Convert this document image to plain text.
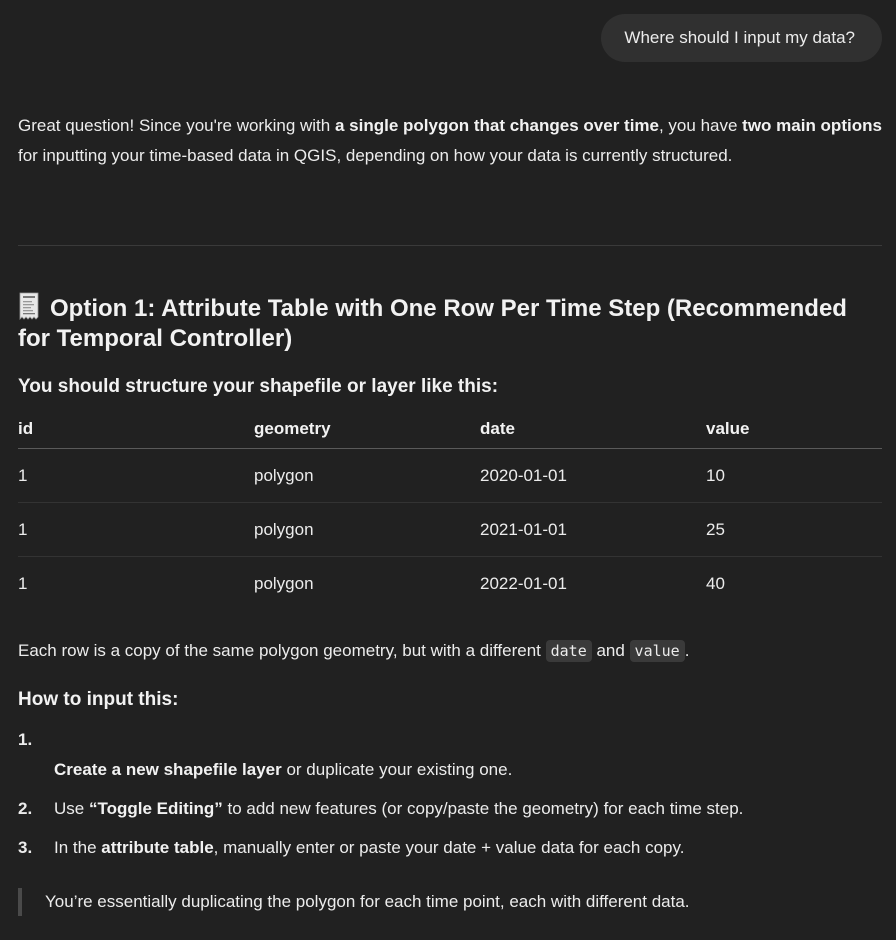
Where should I input my data?
Great question! Since you're working with a single polygon that changes over time, you have two main options for inputting your time-based data in QGIS, depending on how your data is currently structured.
Option 1: Attribute Table with One Row Per Time Step (Recommended for Temporal Controller)
You should structure your shapefile or layer like this:
id	geometry	date	value
1	polygon	2020-01-01	10
1	polygon	2021-01-01	25
1	polygon	2022-01-01	40
Each row is a copy of the same polygon geometry, but with a different date and value .
How to input this:
1.
Create a new shapefile layer or duplicate your existing one.
2.	Use “Toggle Editing” to add new features (or copy/paste the geometry) for each time step.
3.	In the attribute table, manually enter or paste your date + value data for each copy.
You’re essentially duplicating the polygon for each time point, each with different data.
